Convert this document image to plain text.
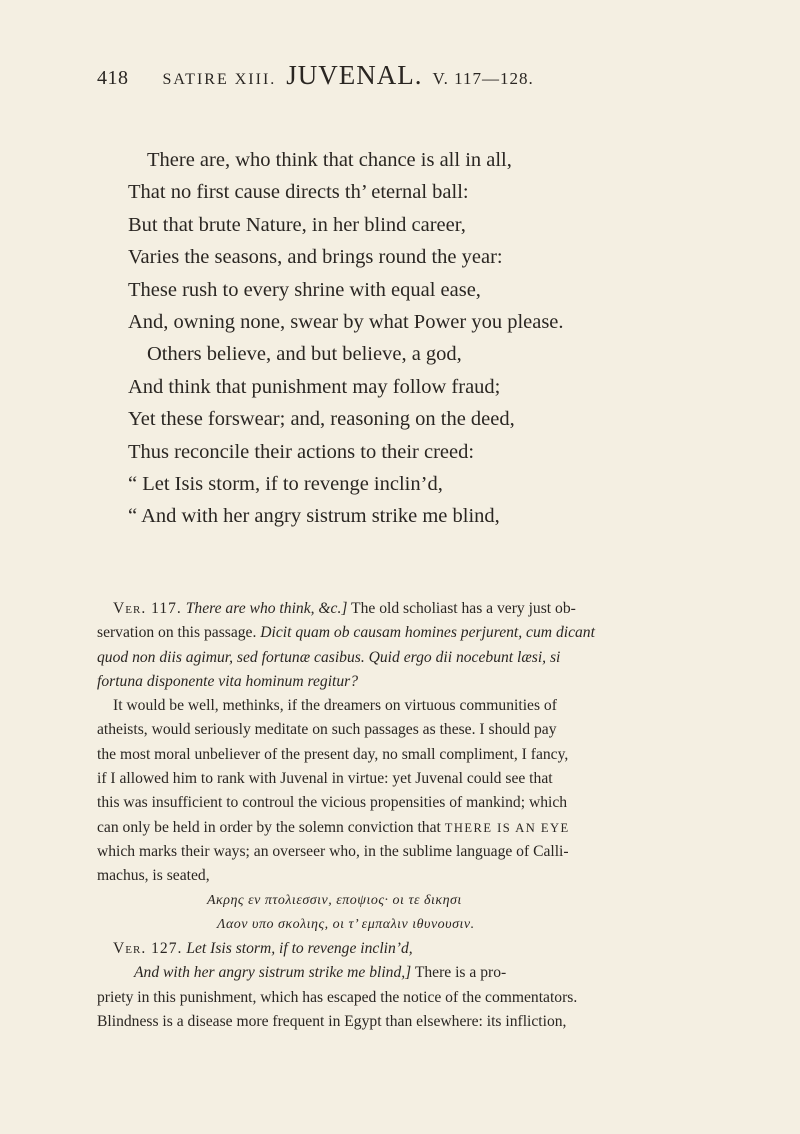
418 SATIRE XIII. JUVENAL. V. 117—128.
There are, who think that chance is all in all,
That no first cause directs th’ eternal ball:
But that brute Nature, in her blind career,
Varies the seasons, and brings round the year:
These rush to every shrine with equal ease,
And, owning none, swear by what Power you please.
Others believe, and but believe, a god,
And think that punishment may follow fraud;
Yet these forswear; and, reasoning on the deed,
Thus reconcile their actions to their creed:
“ Let Isis storm, if to revenge inclin’d,
“ And with her angry sistrum strike me blind,
Ver. 117. There are who think, &c.] The old scholiast has a very just ob-
servation on this passage. Dicit quam ob causam homines perjurent, cum dicant
quod non diis agimur, sed fortunæ casibus. Quid ergo dii nocebunt læsi, si
fortuna disponente vita hominum regitur?
It would be well, methinks, if the dreamers on virtuous communities of
atheists, would seriously meditate on such passages as these. I should pay
the most moral unbeliever of the present day, no small compliment, I fancy,
if I allowed him to rank with Juvenal in virtue: yet Juvenal could see that
this was insufficient to controul the vicious propensities of mankind; which
can only be held in order by the solemn conviction that THERE IS AN EYE
which marks their ways; an overseer who, in the sublime language of Calli-
machus, is seated,
Ακρης εν πτολιεσσιν, εποψιος· οι τε δικησι
Λαον υπο σκολιης, οι τ’ εμπαλιν ιθυνουσιν.
Ver. 127. Let Isis storm, if to revenge inclin’d,
And with her angry sistrum strike me blind,] There is a pro-
priety in this punishment, which has escaped the notice of the commentators.
Blindness is a disease more frequent in Egypt than elsewhere: its infliction,
